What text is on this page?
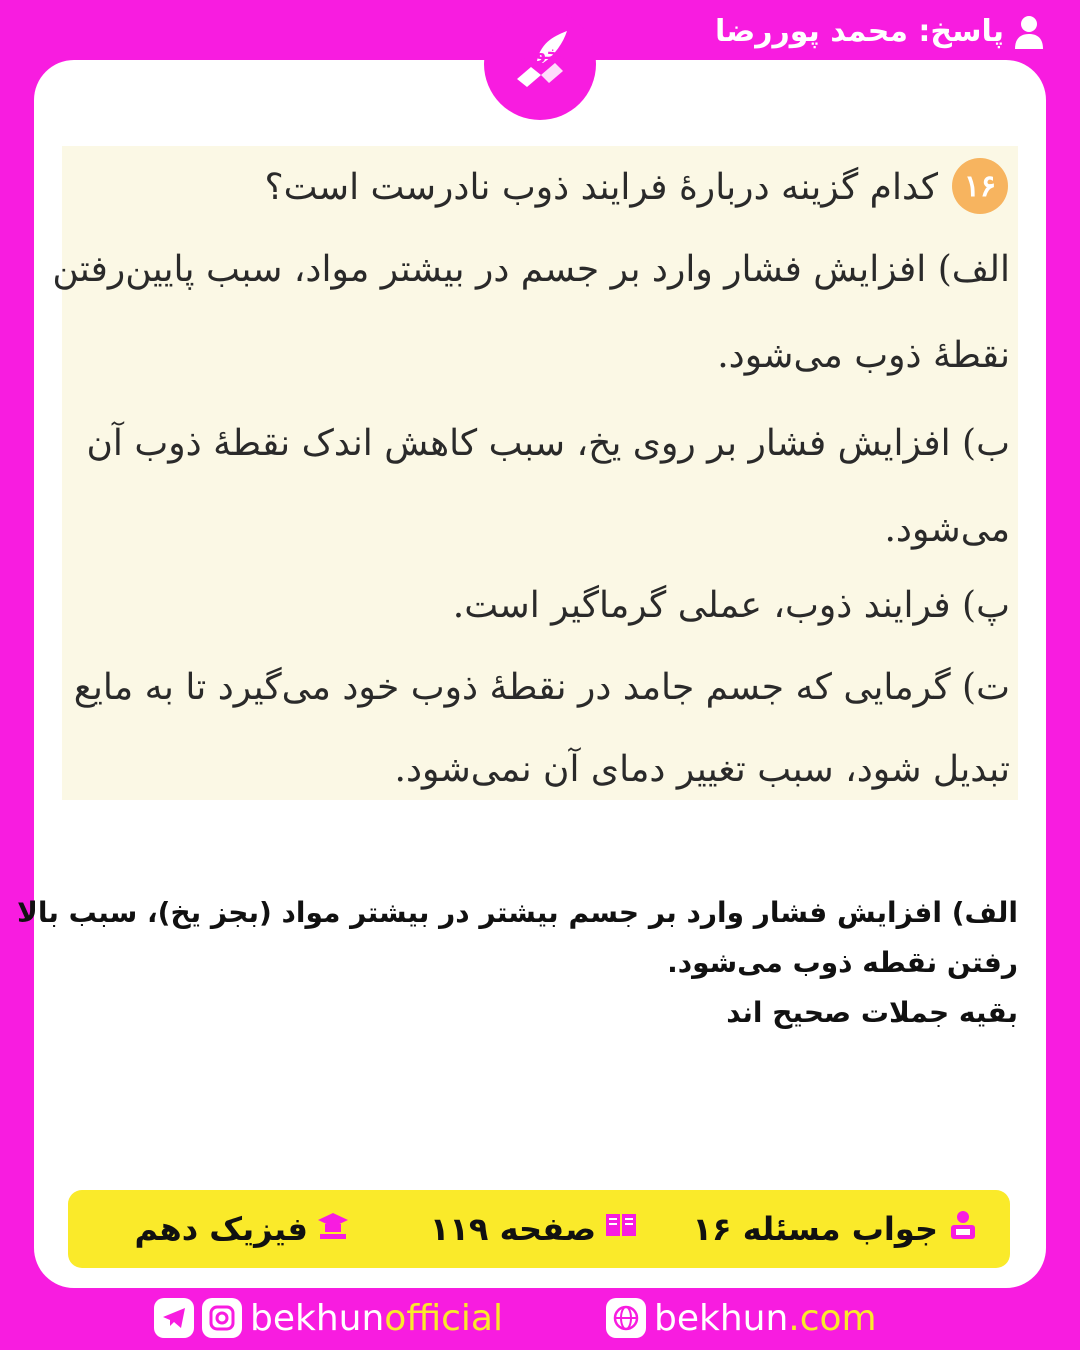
پاسخ: محمد پوررضا
بخون
۱۶
کدام گزینه دربارهٔ فرایند ذوب نادرست است؟
الف) افزایش فشار وارد بر جسم در بیشتر مواد، سبب پایین‌رفتن
نقطهٔ ذوب می‌شود.
ب) افزایش فشار بر روی یخ، سبب کاهش اندک نقطهٔ ذوب آن
می‌شود.
پ) فرایند ذوب، عملی گرماگیر است.
ت) گرمایی که جسم جامد در نقطهٔ ذوب خود می‌گیرد تا به مایع
تبدیل شود، سبب تغییر دمای آن نمی‌شود.
الف) افزایش فشار وارد بر جسم بیشتر در بیشتر مواد (بجز یخ)، سبب بالا
رفتن نقطه ذوب می‌شود.
بقیه جملات صحیح اند
جواب مسئله ۱۶
صفحه ۱۱۹
فیزیک دهم
bekhunofficial	bekhun.com
